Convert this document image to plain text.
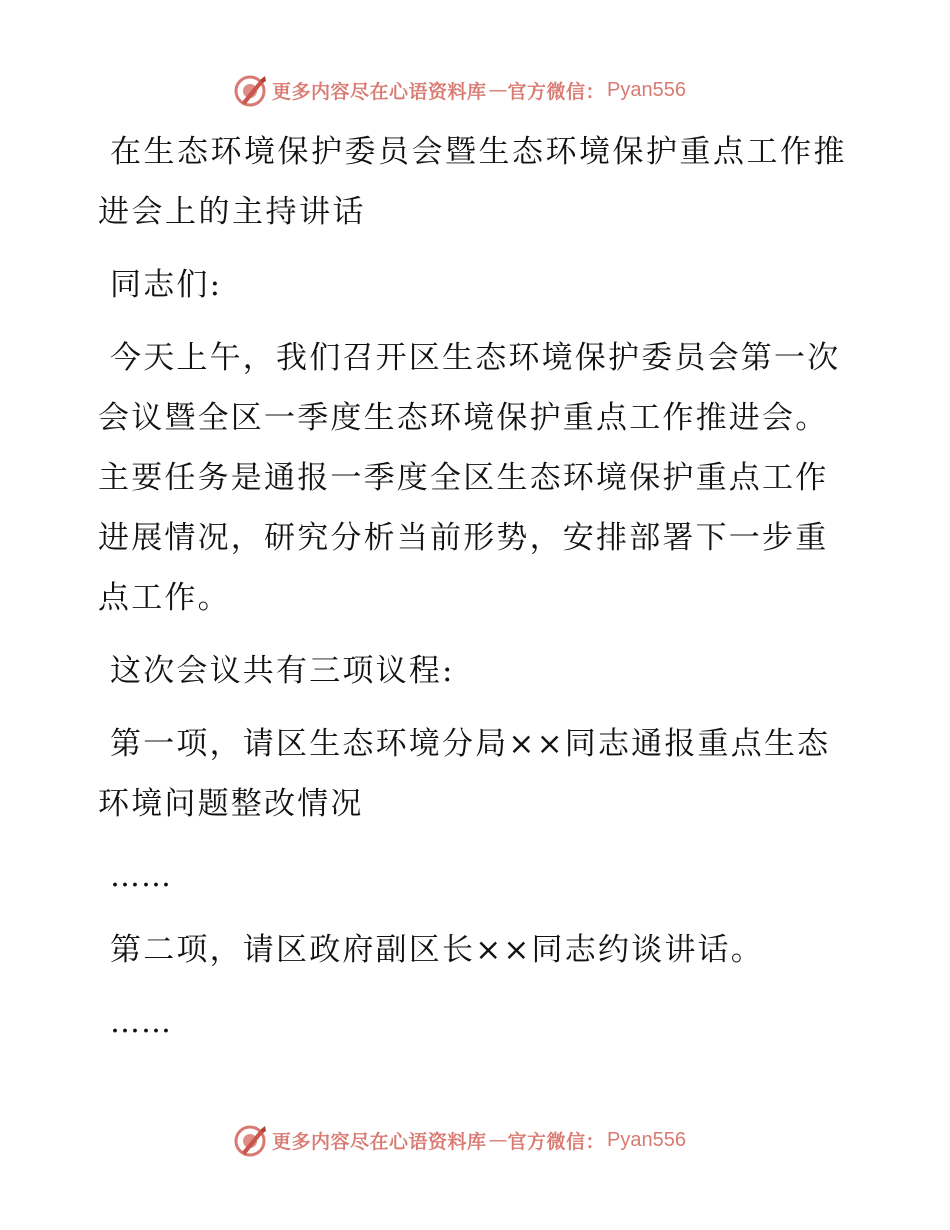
更多内容尽在心语资料库 — 官方微信： Pyan556

在生态环境保护委员会暨生态环境保护重点工作推进会上的主持讲话

同志们:

今天上午，我们召开区生态环境保护委员会第一次会议暨全区一季度生态环境保护重点工作推进会。主要任务是通报一季度全区生态环境保护重点工作进展情况，研究分析当前形势，安排部署下一步重点工作。

这次会议共有三项议程:

第一项，请区生态环境分局××同志通报重点生态环境问题整改情况

……

第二项，请区政府副区长××同志约谈讲话。

……

更多内容尽在心语资料库 — 官方微信： Pyan556
